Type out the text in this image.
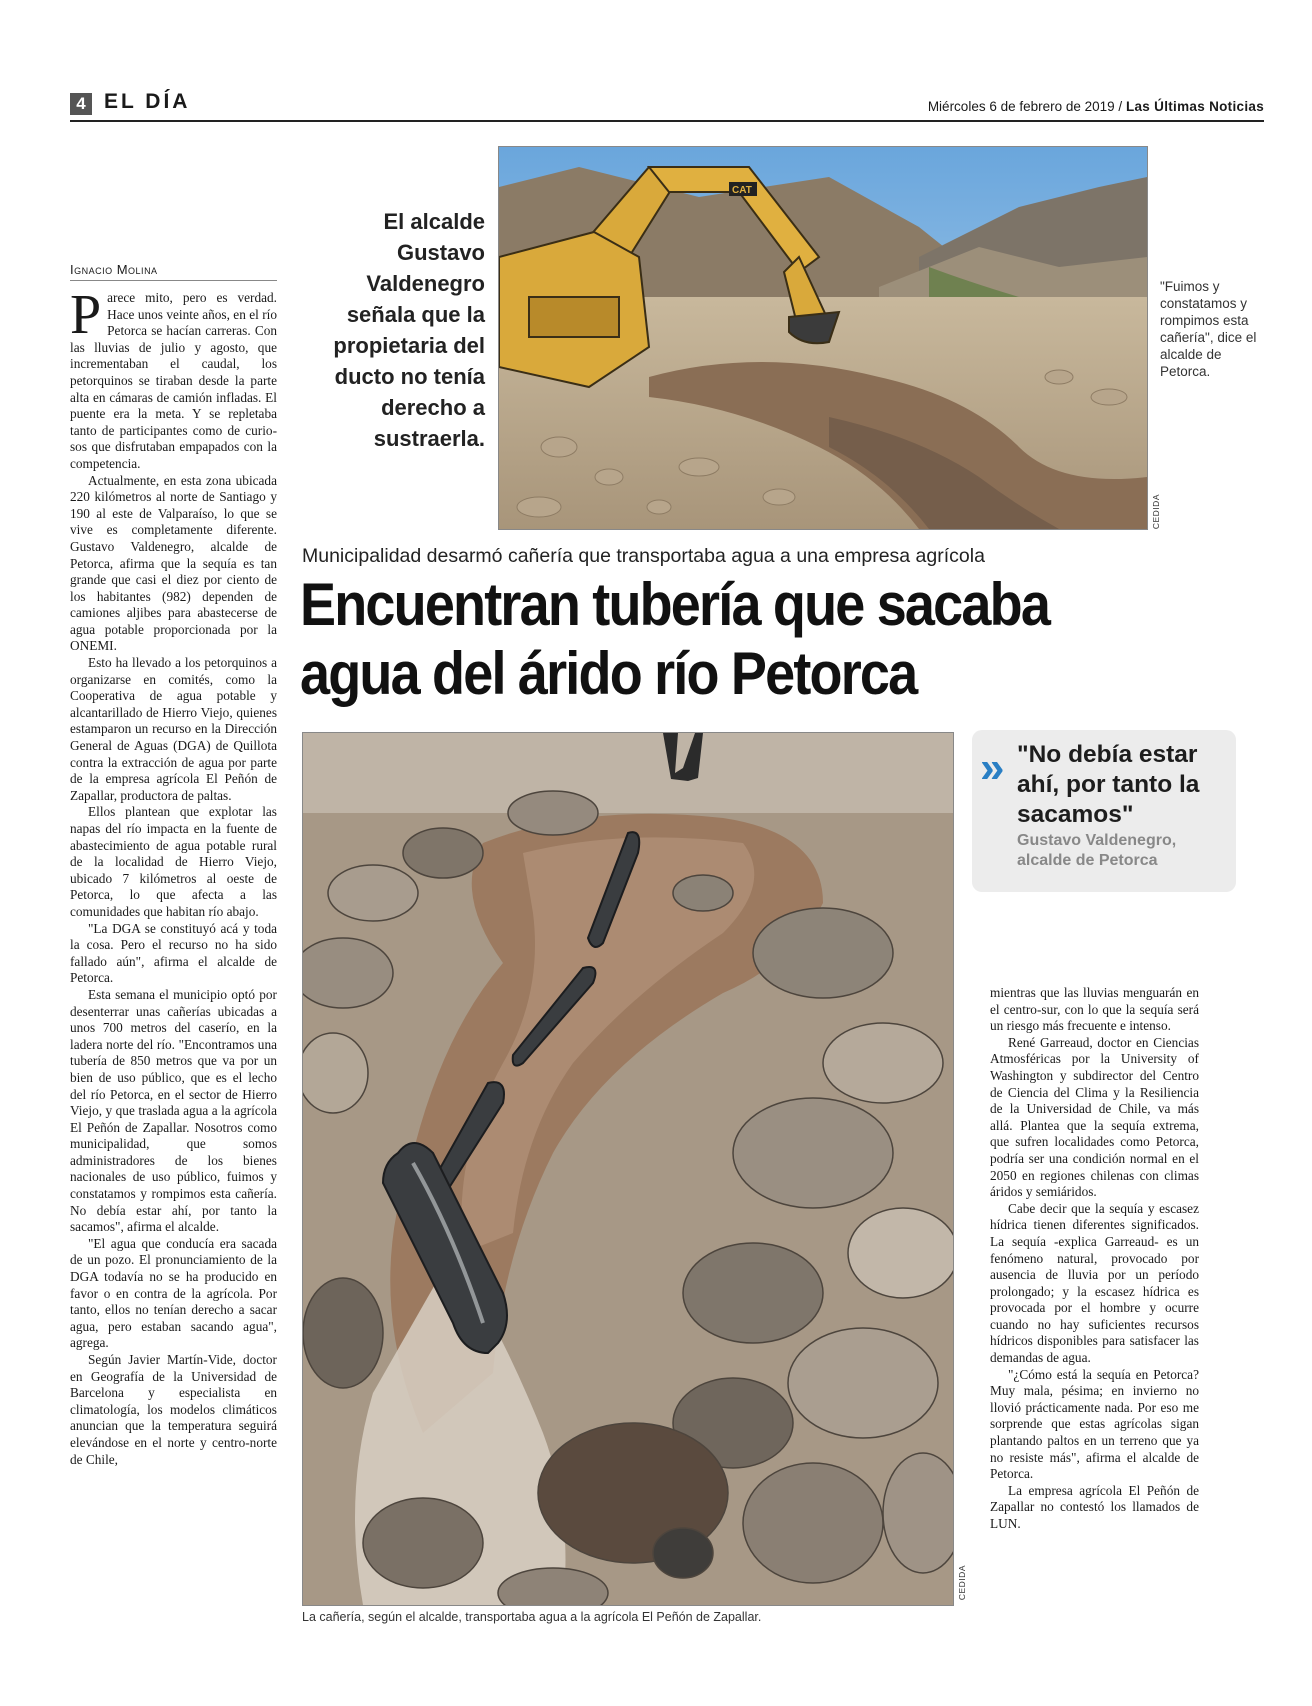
4 EL DÍA	Miércoles 6 de febrero de 2019 / Las Últimas Noticias
Ignacio Molina

Parece mito, pero es verdad. Hace unos veinte años, en el río Petorca se hacían carreras. Con las lluvias de julio y agosto, que incrementaban el caudal, los petorquinos se tiraban desde la parte alta en cámaras de camión infladas. El puente era la meta. Y se repletaba tanto de participantes como de curiosos que disfrutaban empapados con la competencia.

Actualmente, en esta zona ubicada 220 kilómetros al norte de Santiago y 190 al este de Valparaíso, lo que se vive es completamente diferente. Gustavo Valdenegro, alcalde de Petorca, afirma que la sequía es tan grande que casi el diez por ciento de los habitantes (982) dependen de camiones aljibes para abastecerse de agua potable proporcionada por la ONEMI.

Esto ha llevado a los petorquinos a organizarse en comités, como la Cooperativa de agua potable y alcantarillado de Hierro Viejo, quienes estamparon un recurso en la Dirección General de Aguas (DGA) de Quillota contra la extracción de agua por parte de la empresa agrícola El Peñón de Zapallar, productora de paltas.

Ellos plantean que explotar las napas del río impacta en la fuente de abastecimiento de agua potable rural de la localidad de Hierro Viejo, ubicado 7 kilómetros al oeste de Petorca, lo que afecta a las comunidades que habitan río abajo.

"La DGA se constituyó acá y toda la cosa. Pero el recurso no ha sido fallado aún", afirma el alcalde de Petorca.

Esta semana el municipio optó por desenterrar unas cañerías ubicadas a unos 700 metros del caserío, en la ladera norte del río. "Encontramos una tubería de 850 metros que va por un bien de uso público, que es el lecho del río Petorca, en el sector de Hierro Viejo, y que traslada agua a la agrícola El Peñón de Zapallar. Nosotros como municipalidad, que somos administradores de los bienes nacionales de uso público, fuimos y constatamos y rompimos esta cañería. No debía estar ahí, por tanto la sacamos", afirma el alcalde.

"El agua que conducía era sacada de un pozo. El pronunciamiento de la DGA todavía no se ha producido en favor o en contra de la agrícola. Por tanto, ellos no tenían derecho a sacar agua, pero estaban sacando agua", agrega.

Según Javier Martín-Vide, doctor en Geografía de la Universidad de Barcelona y especialista en climatología, los modelos climáticos anuncian que la temperatura seguirá elevándose en el norte y centro-norte de Chile,

El alcalde Gustavo Valdenegro señala que la propietaria del ducto no tenía derecho a sustraerla.
CAT
CEDIDA
"Fuimos y constatamos y rompimos esta cañería", dice el alcalde de Petorca.
Municipalidad desarmó cañería que transportaba agua a una empresa agrícola
Encuentran tubería que sacaba
agua del árido río Petorca
CEDIDA
La cañería, según el alcalde, transportaba agua a la agrícola El Peñón de Zapallar.
» "No debía estar ahí, por tanto la sacamos"
Gustavo Valdenegro, alcalde de Petorca

mientras que las lluvias menguarán en el centro-sur, con lo que la sequía será un riesgo más frecuente e intenso.

René Garreaud, doctor en Ciencias Atmosféricas por la University of Washington y subdirector del Centro de Ciencia del Clima y la Resiliencia de la Universidad de Chile, va más allá. Plantea que la sequía extrema, que sufren localidades como Petorca, podría ser una condición normal en el 2050 en regiones chilenas con climas áridos y semiáridos.

Cabe decir que la sequía y escasez hídrica tienen diferentes significados. La sequía -explica Garreaud- es un fenómeno natural, provocado por ausencia de lluvia por un período prolongado; y la escasez hídrica es provocada por el hombre y ocurre cuando no hay suficientes recursos hídricos disponibles para satisfacer las demandas de agua.

"¿Cómo está la sequía en Petorca? Muy mala, pésima; en invierno no llovió prácticamente nada. Por eso me sorprende que estas agrícolas sigan plantando paltos en un terreno que ya no resiste más", afirma el alcalde de Petorca.

La empresa agrícola El Peñón de Zapallar no contestó los llamados de LUN.
